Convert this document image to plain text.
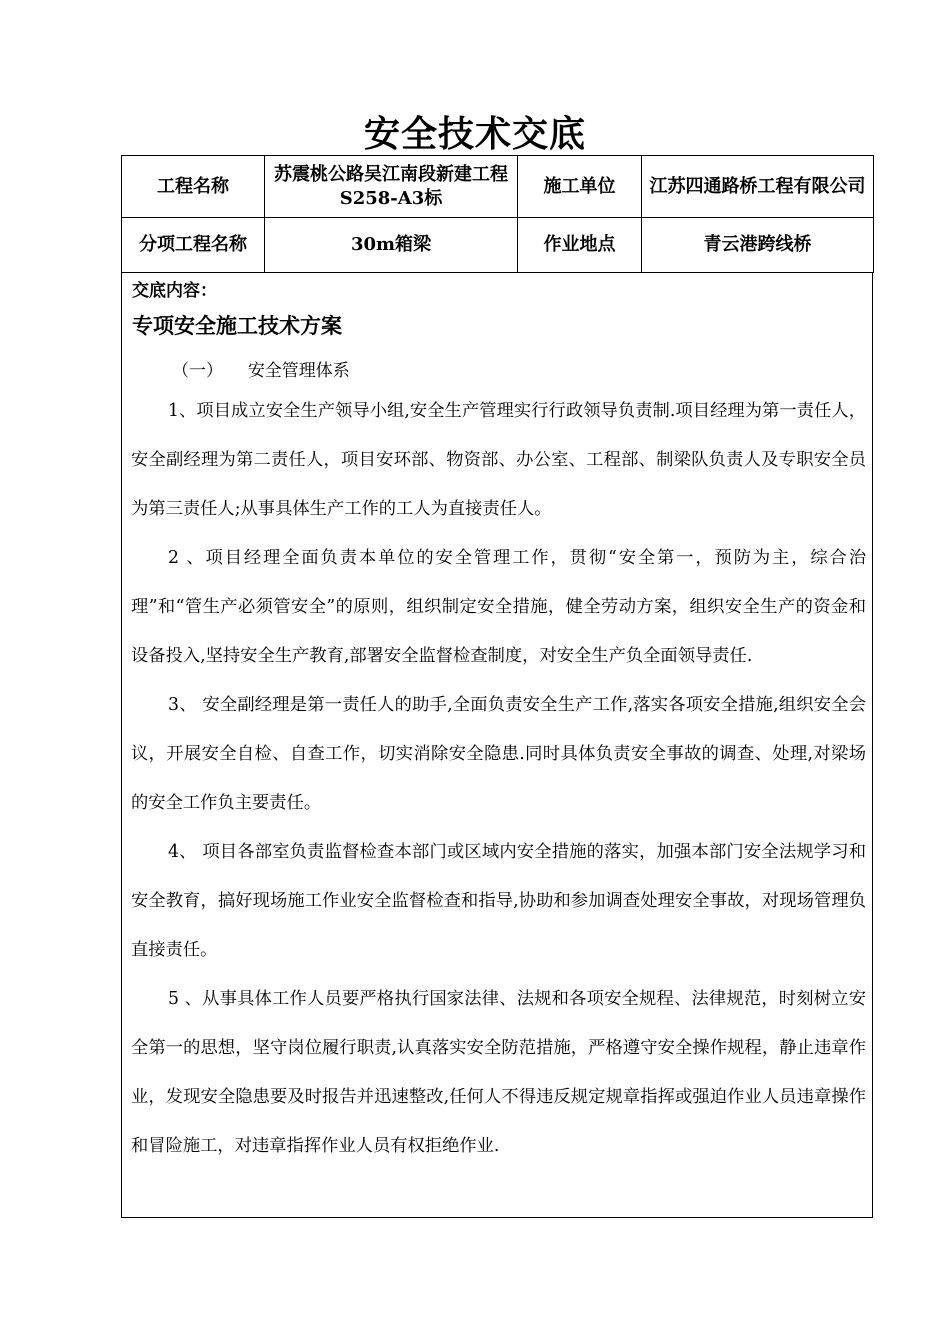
安全技术交底
工程名称	苏震桃公路吴江南段新建工程S258-A3标	施工单位	江苏四通路桥工程有限公司
分项工程名称	30m箱梁	作业地点	青云港跨线桥
交底内容：
专项安全施工技术方案
（一） 安全管理体系

1、项目成立安全生产领导小组,安全生产管理实行行政领导负责制.项目经理为第一责任人，安全副经理为第二责任人，项目安环部、物资部、办公室、工程部、制梁队负责人及专职安全员为第三责任人;从事具体生产工作的工人为直接责任人。

2 、项目经理全面负责本单位的安全管理工作，贯彻“安全第一，预防为主，综合治理”和“管生产必须管安全”的原则，组织制定安全措施，健全劳动方案，组织安全生产的资金和设备投入,坚持安全生产教育,部署安全监督检查制度，对安全生产负全面领导责任.

3、 安全副经理是第一责任人的助手,全面负责安全生产工作,落实各项安全措施,组织安全会议，开展安全自检、自查工作，切实消除安全隐患.同时具体负责安全事故的调查、处理,对梁场的安全工作负主要责任。

4、 项目各部室负责监督检查本部门或区域内安全措施的落实，加强本部门安全法规学习和安全教育，搞好现场施工作业安全监督检查和指导,协助和参加调查处理安全事故，对现场管理负直接责任。

5 、从事具体工作人员要严格执行国家法律、法规和各项安全规程、法律规范，时刻树立安全第一的思想，坚守岗位履行职责,认真落实安全防范措施，严格遵守安全操作规程，静止违章作业，发现安全隐患要及时报告并迅速整改,任何人不得违反规定规章指挥或强迫作业人员违章操作和冒险施工，对违章指挥作业人员有权拒绝作业.
